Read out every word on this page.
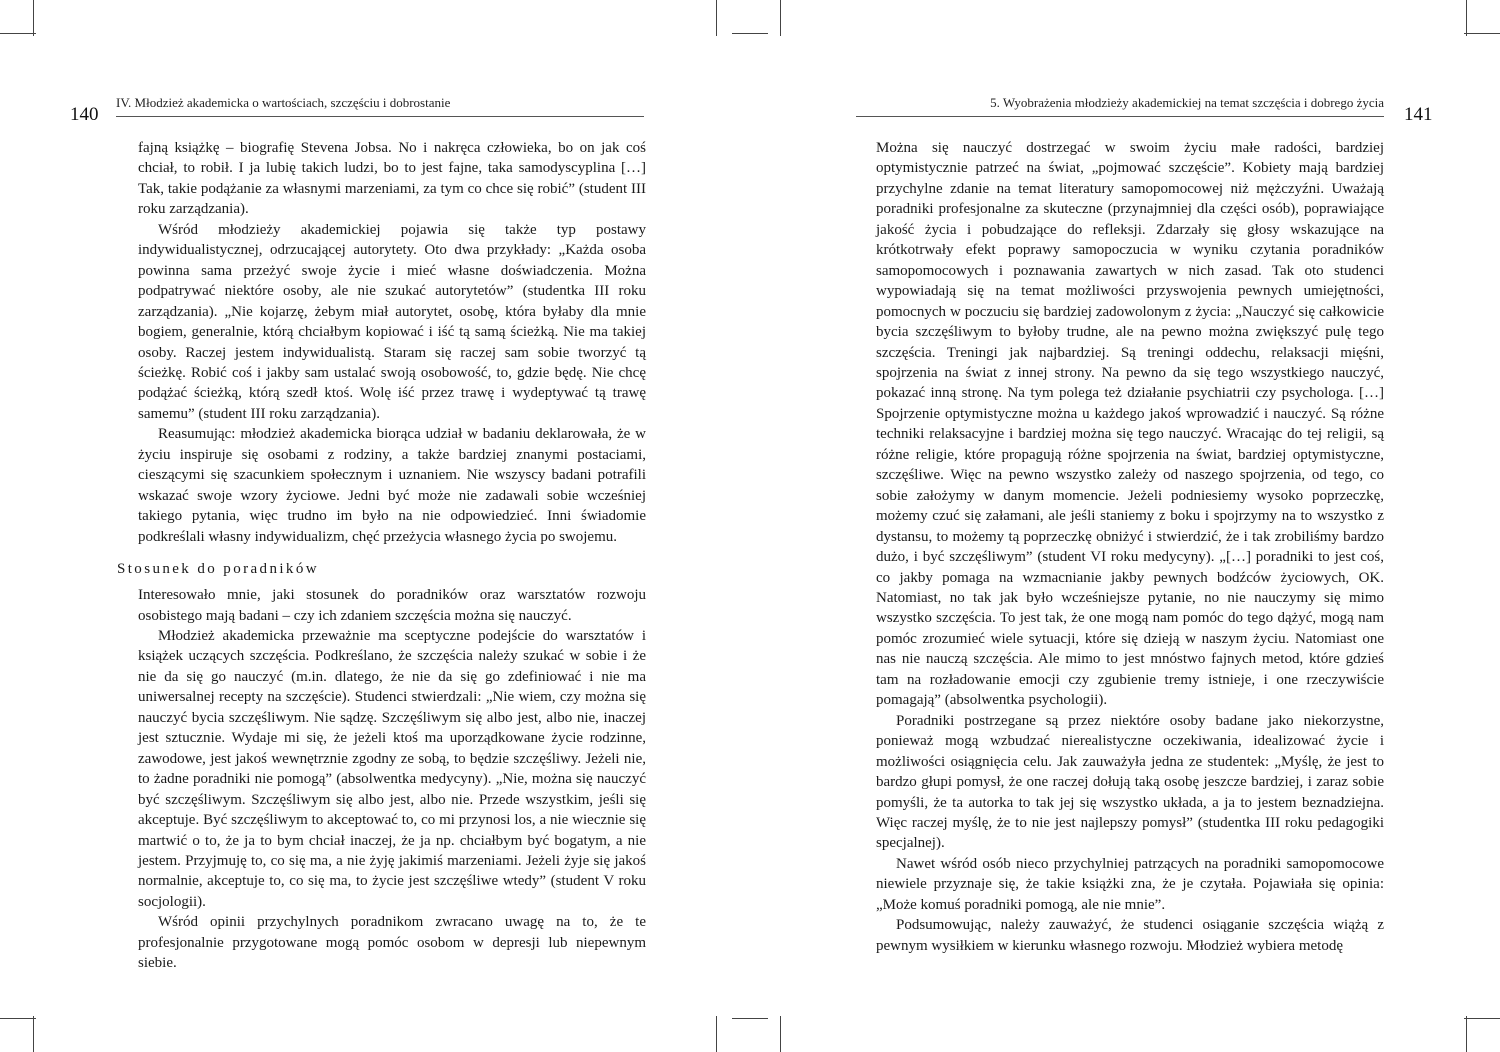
140
IV. Młodzież akademicka o wartościach, szczęściu i dobrostanie

fajną książkę – biografię Stevena Jobsa. No i nakręca człowieka, bo on jak coś chciał, to robił. I ja lubię takich ludzi, bo to jest fajne, taka samodyscyplina […] Tak, takie podążanie za własnymi marzeniami, za tym co chce się robić” (student III roku zarządzania).

Wśród młodzieży akademickiej pojawia się także typ postawy indywidualistycznej, odrzucającej autorytety. Oto dwa przykłady: „Każda osoba powinna sama przeżyć swoje życie i mieć własne doświadczenia. Można podpatrywać niektóre osoby, ale nie szukać autorytetów” (studentka III roku zarządzania). „Nie kojarzę, żebym miał autorytet, osobę, która byłaby dla mnie bogiem, generalnie, którą chciałbym kopiować i iść tą samą ścieżką. Nie ma takiej osoby. Raczej jestem indywidualistą. Staram się raczej sam sobie tworzyć tą ścieżkę. Robić coś i jakby sam ustalać swoją osobowość, to, gdzie będę. Nie chcę podążać ścieżką, którą szedł ktoś. Wolę iść przez trawę i wydeptywać tą trawę samemu” (student III roku zarządzania).

Reasumując: młodzież akademicka biorąca udział w badaniu deklarowała, że w życiu inspiruje się osobami z rodziny, a także bardziej znanymi postaciami, cieszącymi się szacunkiem społecznym i uznaniem. Nie wszyscy badani potrafili wskazać swoje wzory życiowe. Jedni być może nie zadawali sobie wcześniej takiego pytania, więc trudno im było na nie odpowiedzieć. Inni świadomie podkreślali własny indywidualizm, chęć przeżycia własnego życia po swojemu.

Stosunek do poradników

Interesowało mnie, jaki stosunek do poradników oraz warsztatów rozwoju osobistego mają badani – czy ich zdaniem szczęścia można się nauczyć.

Młodzież akademicka przeważnie ma sceptyczne podejście do warsztatów i książek uczących szczęścia. Podkreślano, że szczęścia należy szukać w sobie i że nie da się go nauczyć (m.in. dlatego, że nie da się go zdefiniować i nie ma uniwersalnej recepty na szczęście). Studenci stwierdzali: „Nie wiem, czy można się nauczyć bycia szczęśliwym. Nie sądzę. Szczęśliwym się albo jest, albo nie, inaczej jest sztucznie. Wydaje mi się, że jeżeli ktoś ma uporządkowane życie rodzinne, zawodowe, jest jakoś wewnętrznie zgodny ze sobą, to będzie szczęśliwy. Jeżeli nie, to żadne poradniki nie pomogą” (absolwentka medycyny). „Nie, można się nauczyć być szczęśliwym. Szczęśliwym się albo jest, albo nie. Przede wszystkim, jeśli się akceptuje. Być szczęśliwym to akceptować to, co mi przynosi los, a nie wiecznie się martwić o to, że ja to bym chciał inaczej, że ja np. chciałbym być bogatym, a nie jestem. Przyjmuję to, co się ma, a nie żyję jakimiś marzeniami. Jeżeli żyje się jakoś normalnie, akceptuje to, co się ma, to życie jest szczęśliwe wtedy” (student V roku socjologii).

Wśród opinii przychylnych poradnikom zwracano uwagę na to, że te profesjonalnie przygotowane mogą pomóc osobom w depresji lub niepewnym siebie.

5. Wyobrażenia młodzieży akademickiej na temat szczęścia i dobrego życia
141

Można się nauczyć dostrzegać w swoim życiu małe radości, bardziej optymistycznie patrzeć na świat, „pojmować szczęście”. Kobiety mają bardziej przychylne zdanie na temat literatury samopomocowej niż mężczyźni. Uważają poradniki profesjonalne za skuteczne (przynajmniej dla części osób), poprawiające jakość życia i pobudzające do refleksji. Zdarzały się głosy wskazujące na krótkotrwały efekt poprawy samopoczucia w wyniku czytania poradników samopomocowych i poznawania zawartych w nich zasad. Tak oto studenci wypowiadają się na temat możliwości przyswojenia pewnych umiejętności, pomocnych w poczuciu się bardziej zadowolonym z życia: „Nauczyć się całkowicie bycia szczęśliwym to byłoby trudne, ale na pewno można zwiększyć pulę tego szczęścia. Treningi jak najbardziej. Są treningi oddechu, relaksacji mięśni, spojrzenia na świat z innej strony. Na pewno da się tego wszystkiego nauczyć, pokazać inną stronę. Na tym polega też działanie psychiatrii czy psychologa. […] Spojrzenie optymistyczne można u każdego jakoś wprowadzić i nauczyć. Są różne techniki relaksacyjne i bardziej można się tego nauczyć. Wracając do tej religii, są różne religie, które propagują różne spojrzenia na świat, bardziej optymistyczne, szczęśliwe. Więc na pewno wszystko zależy od naszego spojrzenia, od tego, co sobie założymy w danym momencie. Jeżeli podniesiemy wysoko poprzeczkę, możemy czuć się załamani, ale jeśli staniemy z boku i spojrzymy na to wszystko z dystansu, to możemy tą poprzeczkę obniżyć i stwierdzić, że i tak zrobiliśmy bardzo dużo, i być szczęśliwym” (student VI roku medycyny). „[…] poradniki to jest coś, co jakby pomaga na wzmacnianie jakby pewnych bodźców życiowych, OK. Natomiast, no tak jak było wcześniejsze pytanie, no nie nauczymy się mimo wszystko szczęścia. To jest tak, że one mogą nam pomóc do tego dążyć, mogą nam pomóc zrozumieć wiele sytuacji, które się dzieją w naszym życiu. Natomiast one nas nie nauczą szczęścia. Ale mimo to jest mnóstwo fajnych metod, które gdzieś tam na rozładowanie emocji czy zgubienie tremy istnieje, i one rzeczywiście pomagają” (absolwentka psychologii).

Poradniki postrzegane są przez niektóre osoby badane jako niekorzystne, ponieważ mogą wzbudzać nierealistyczne oczekiwania, idealizować życie i możliwości osiągnięcia celu. Jak zauważyła jedna ze studentek: „Myślę, że jest to bardzo głupi pomysł, że one raczej dołują taką osobę jeszcze bardziej, i zaraz sobie pomyśli, że ta autorka to tak jej się wszystko układa, a ja to jestem beznadziejna. Więc raczej myślę, że to nie jest najlepszy pomysł” (studentka III roku pedagogiki specjalnej).

Nawet wśród osób nieco przychylniej patrzących na poradniki samopomocowe niewiele przyznaje się, że takie książki zna, że je czytała. Pojawiała się opinia: „Może komuś poradniki pomogą, ale nie mnie”.

Podsumowując, należy zauważyć, że studenci osiąganie szczęścia wiążą z pewnym wysiłkiem w kierunku własnego rozwoju. Młodzież wybiera metodę
